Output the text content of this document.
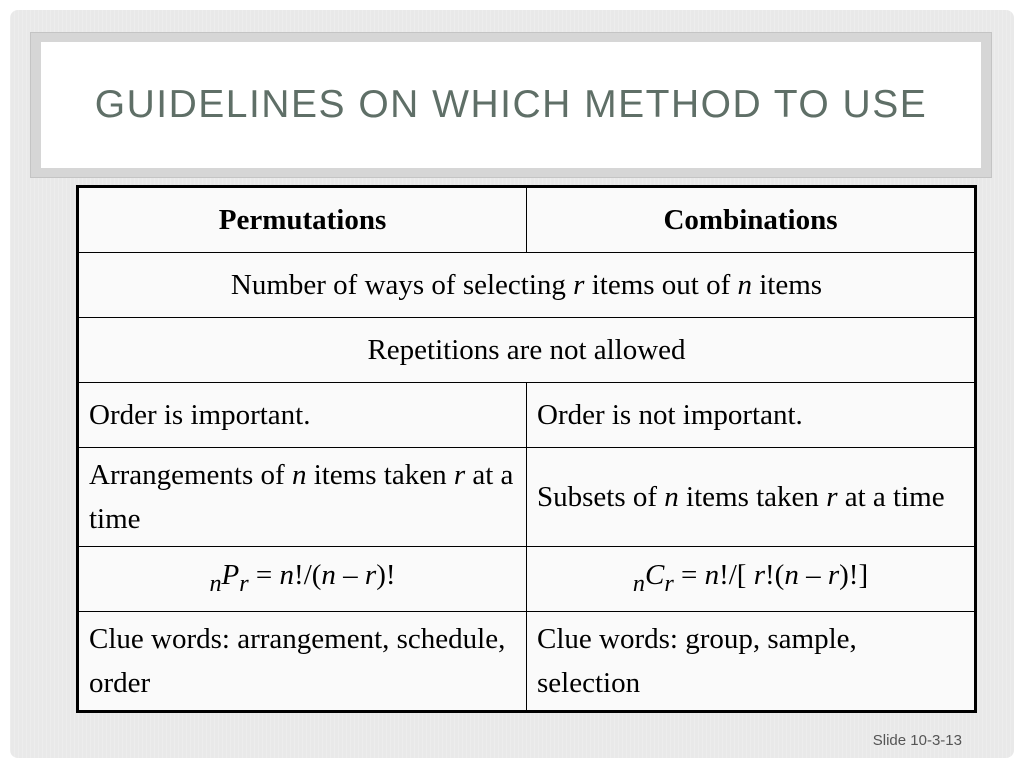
GUIDELINES ON WHICH METHOD TO USE
Permutations	Combinations
Number of ways of selecting r items out of n items	
Repetitions are not allowed	
Order is important.	Order is not important.
Arrangements of n items taken r at a time	Subsets of n items taken r at a time
$_nP_r = n!/(n - r)$!	$_nC_r = n!/$[ r!(n – r)!]
Clue words: arrangement, schedule, order	Clue words: group, sample, selection
Slide 10-3-13
